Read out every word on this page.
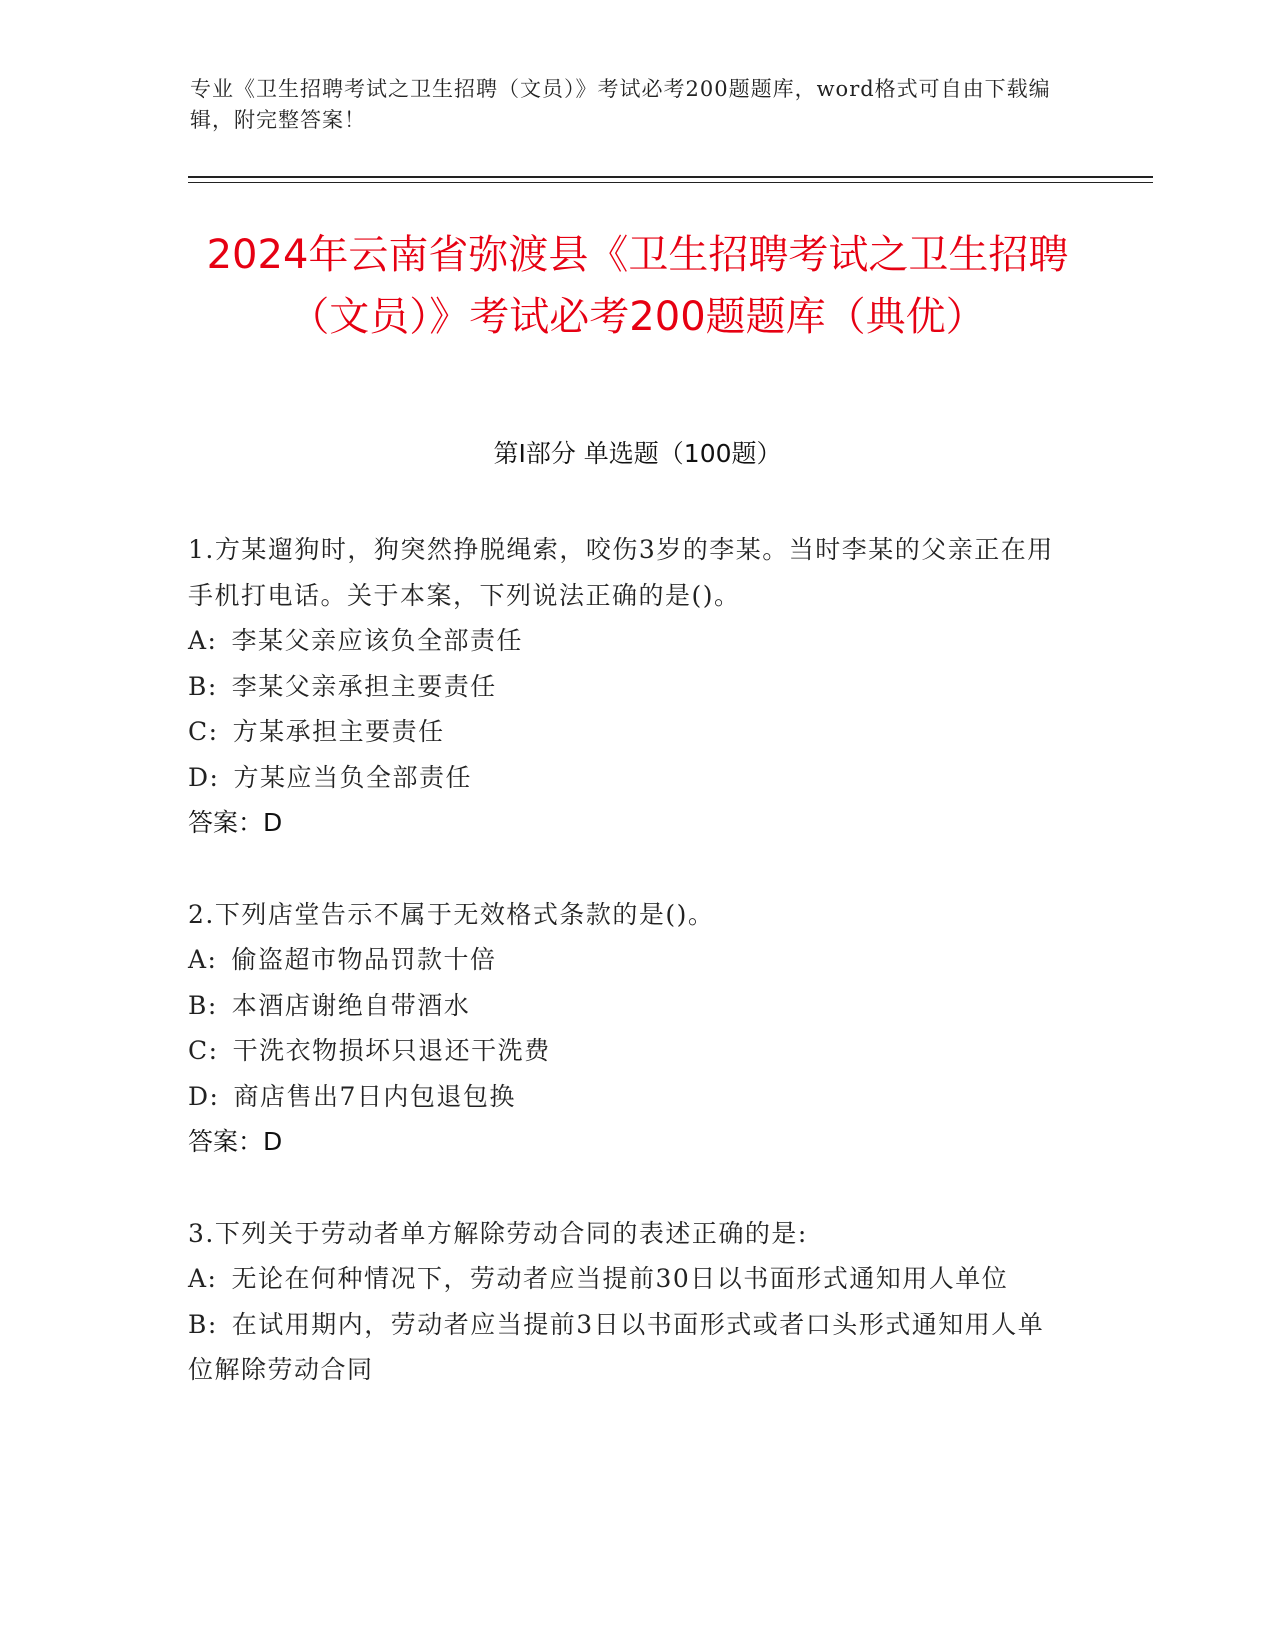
专业《卫生招聘考试之卫生招聘（文员）》考试必考200题题库，word格式可自由下载编辑，附完整答案！
2024年云南省弥渡县《卫生招聘考试之卫生招聘（文员）》考试必考200题题库（典优）
第Ⅰ部分 单选题（100题）
1.方某遛狗时，狗突然挣脱绳索，咬伤3岁的李某。当时李某的父亲正在用手机打电话。关于本案，下列说法正确的是()。
A: 李某父亲应该负全部责任
B: 李某父亲承担主要责任
C: 方某承担主要责任
D: 方某应当负全部责任
答案：D
2.下列店堂告示不属于无效格式条款的是()。
A: 偷盗超市物品罚款十倍
B: 本酒店谢绝自带酒水
C: 干洗衣物损坏只退还干洗费
D: 商店售出7日内包退包换
答案：D
3.下列关于劳动者单方解除劳动合同的表述正确的是:
A: 无论在何种情况下，劳动者应当提前30日以书面形式通知用人单位
B: 在试用期内，劳动者应当提前3日以书面形式或者口头形式通知用人单位解除劳动合同
